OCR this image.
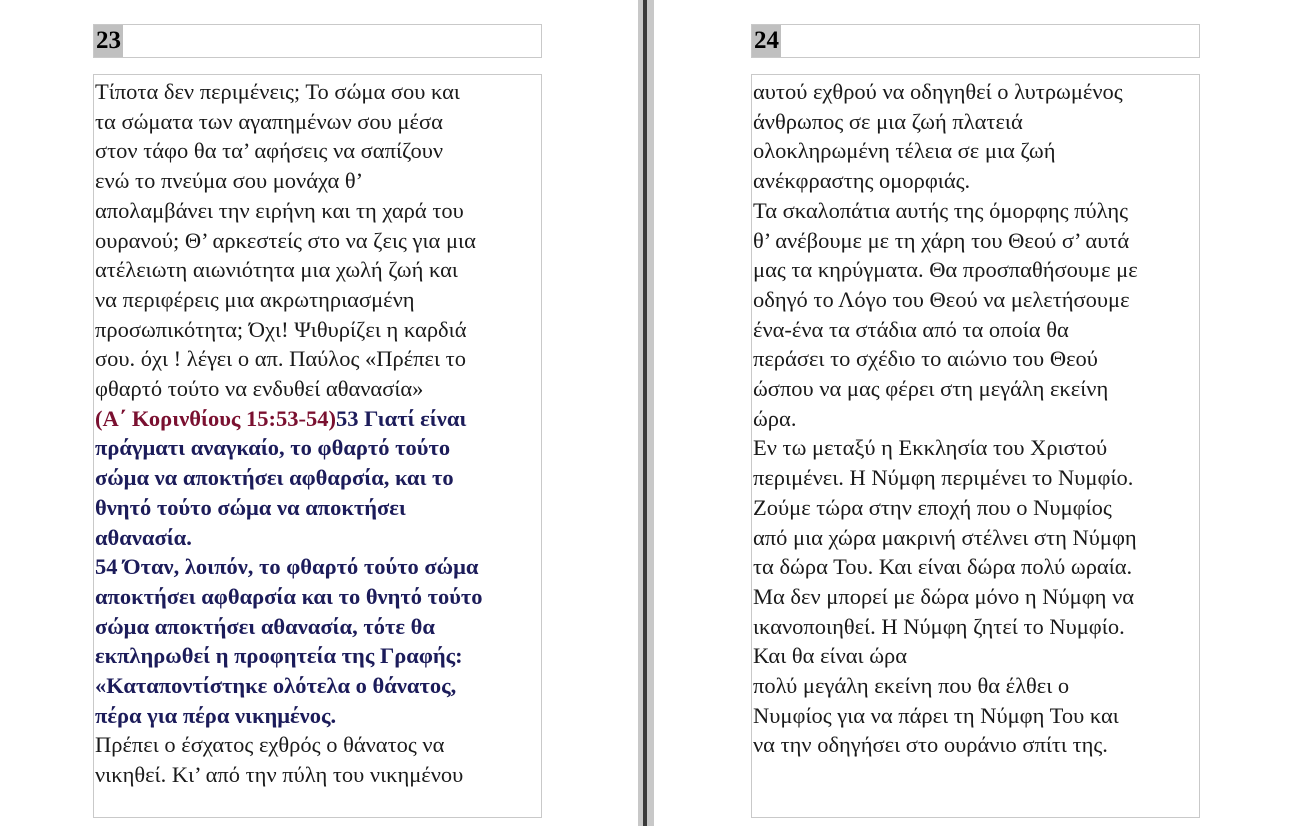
23

Τίποτα δεν περιμένεις; Το σώμα σου και

τα σώματα των αγαπημένων σου μέσα

στον τάφο θα τα’ αφήσεις να σαπίζουν

ενώ το πνεύμα σου μονάχα θ’

απολαμβάνει την ειρήνη και τη χαρά του

ουρανού; Θ’ αρκεστείς στο να ζεις για μια

ατέλειωτη αιωνιότητα μια χωλή ζωή και

να περιφέρεις μια ακρωτηριασμένη

προσωπικότητα; Όχι! Ψιθυρίζει η καρδιά

σου. όχι ! λέγει ο απ. Παύλος «Πρέπει το

φθαρτό τούτο να ενδυθεί αθανασία»

(Α΄ Κορινθίους 15:53-54)53 Γιατί είναι

πράγματι αναγκαίο, το φθαρτό τούτο

σώμα να αποκτήσει αφθαρσία, και το

θνητό τούτο σώμα να αποκτήσει

αθανασία.

54 Όταν, λοιπόν, το φθαρτό τούτο σώμα

αποκτήσει αφθαρσία και το θνητό τούτο

σώμα αποκτήσει αθανασία, τότε θα

εκπληρωθεί η προφητεία της Γραφής:

«Καταποντίστηκε ολότελα ο θάνατος,

πέρα για πέρα νικημένος.

Πρέπει ο έσχατος εχθρός ο θάνατος να

νικηθεί. Κι’ από την πύλη του νικημένου

24

αυτού εχθρού να οδηγηθεί ο λυτρωμένος

άνθρωπος σε μια ζωή πλατειά

ολοκληρωμένη τέλεια σε μια ζωή

ανέκφραστης ομορφιάς.

Τα σκαλοπάτια αυτής της όμορφης πύλης

θ’ ανέβουμε με τη χάρη του Θεού σ’ αυτά

μας τα κηρύγματα. Θα προσπαθήσουμε με

οδηγό το Λόγο του Θεού να μελετήσουμε

ένα-ένα τα στάδια από τα οποία θα

περάσει το σχέδιο το αιώνιο του Θεού

ώσπου να μας φέρει στη μεγάλη εκείνη

ώρα.

Εν τω μεταξύ η Εκκλησία του Χριστού

περιμένει. Η Νύμφη περιμένει το Νυμφίο.

Ζούμε τώρα στην εποχή που ο Νυμφίος

από μια χώρα μακρινή στέλνει στη Νύμφη

τα δώρα Του. Και είναι δώρα πολύ ωραία.

Μα δεν μπορεί με δώρα μόνο η Νύμφη να

ικανοποιηθεί. Η Νύμφη ζητεί το Νυμφίο.

Και θα είναι ώρα

πολύ μεγάλη εκείνη που θα έλθει ο

Νυμφίος για να πάρει τη Νύμφη Του και

να την οδηγήσει στο ουράνιο σπίτι της.
